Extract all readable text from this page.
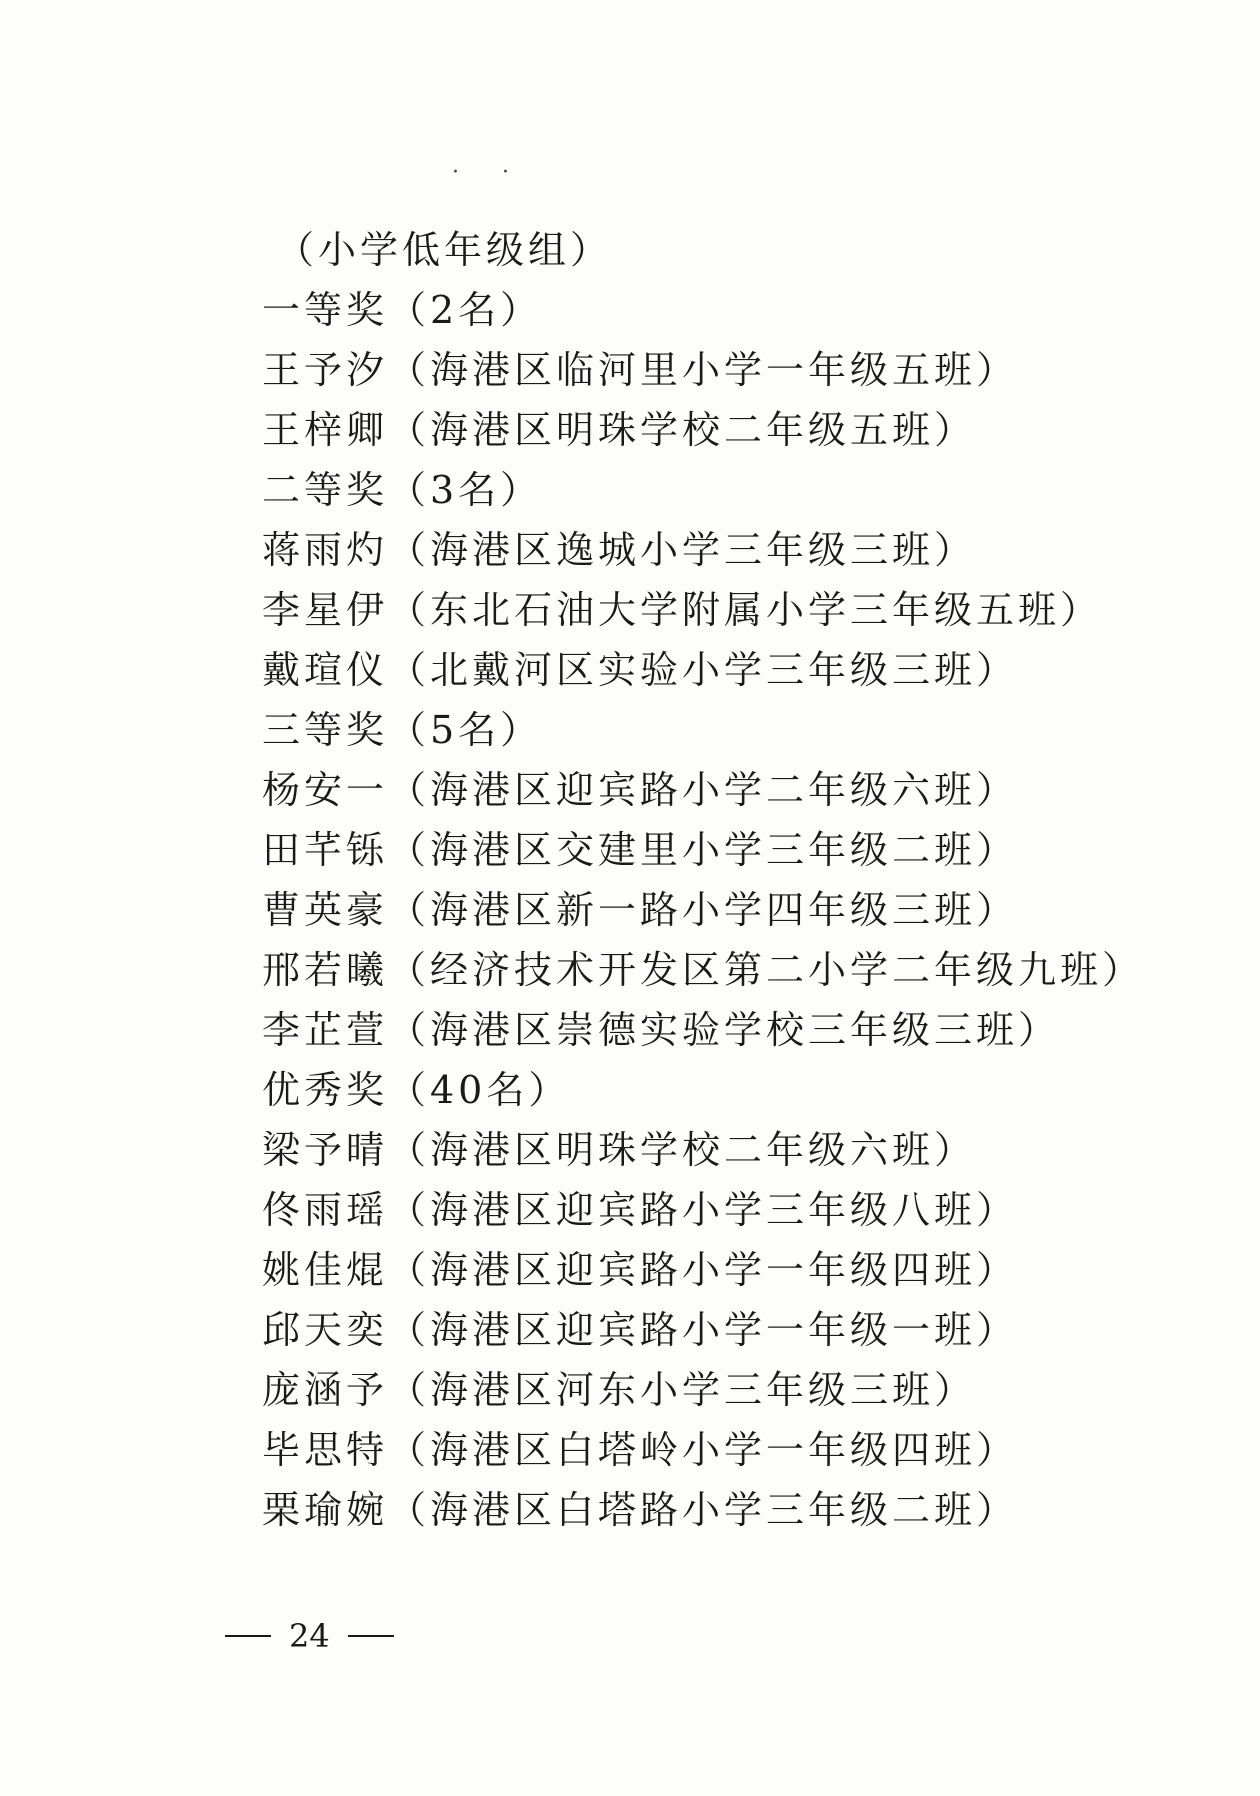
· ·
（小学低年级组）
一等奖（2名）
王予汐（海港区临河里小学一年级五班）
王梓卿（海港区明珠学校二年级五班）
二等奖（3名）
蒋雨灼（海港区逸城小学三年级三班）
李星伊（东北石油大学附属小学三年级五班）
戴瑄仪（北戴河区实验小学三年级三班）
三等奖（5名）
杨安一（海港区迎宾路小学二年级六班）
田芊铄（海港区交建里小学三年级二班）
曹英豪（海港区新一路小学四年级三班）
邢若曦（经济技术开发区第二小学二年级九班）
李芷萱（海港区崇德实验学校三年级三班）
优秀奖（40名）
梁予晴（海港区明珠学校二年级六班）
佟雨瑶（海港区迎宾路小学三年级八班）
姚佳焜（海港区迎宾路小学一年级四班）
邱天奕（海港区迎宾路小学一年级一班）
庞涵予（海港区河东小学三年级三班）
毕思特（海港区白塔岭小学一年级四班）
栗瑜婉（海港区白塔路小学三年级二班）
24
